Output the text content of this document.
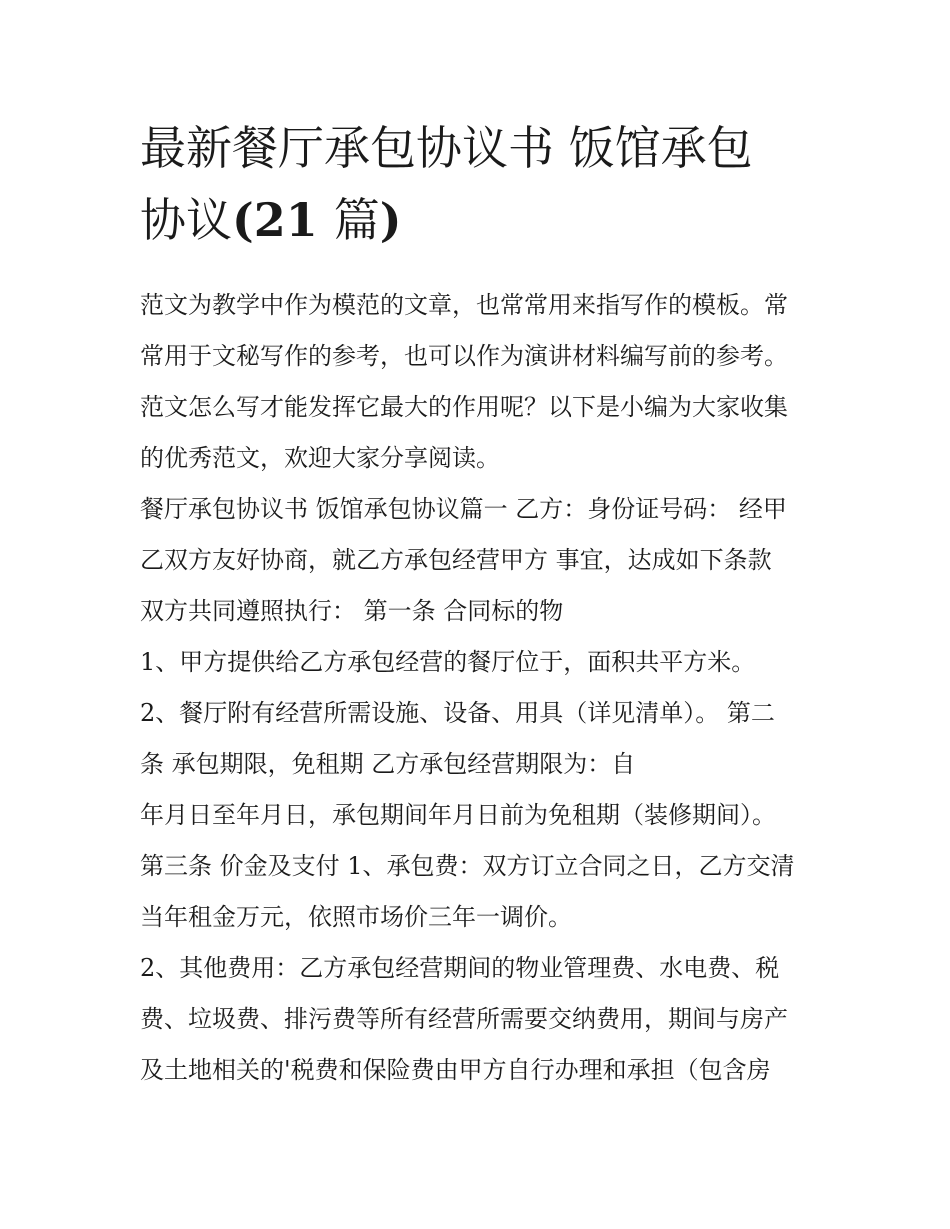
最新餐厅承包协议书 饭馆承包
协议(21 篇)
范文为教学中作为模范的文章，也常常用来指写作的模板。常
常用于文秘写作的参考，也可以作为演讲材料编写前的参考。
范文怎么写才能发挥它最大的作用呢？以下是小编为大家收集
的优秀范文，欢迎大家分享阅读。
餐厅承包协议书 饭馆承包协议篇一 乙方：身份证号码： 经甲
乙双方友好协商，就乙方承包经营甲方 事宜，达成如下条款
双方共同遵照执行： 第一条 合同标的物
1、甲方提供给乙方承包经营的餐厅位于，面积共平方米。
2、餐厅附有经营所需设施、设备、用具（详见清单）。 第二
条 承包期限，免租期 乙方承包经营期限为：自
年月日至年月日，承包期间年月日前为免租期（装修期间）。
第三条 价金及支付 1、承包费：双方订立合同之日，乙方交清
当年租金万元，依照市场价三年一调价。
2、其他费用：乙方承包经营期间的物业管理费、水电费、税
费、垃圾费、排污费等所有经营所需要交纳费用，期间与房产
及土地相关的'税费和保险费由甲方自行办理和承担（包含房
